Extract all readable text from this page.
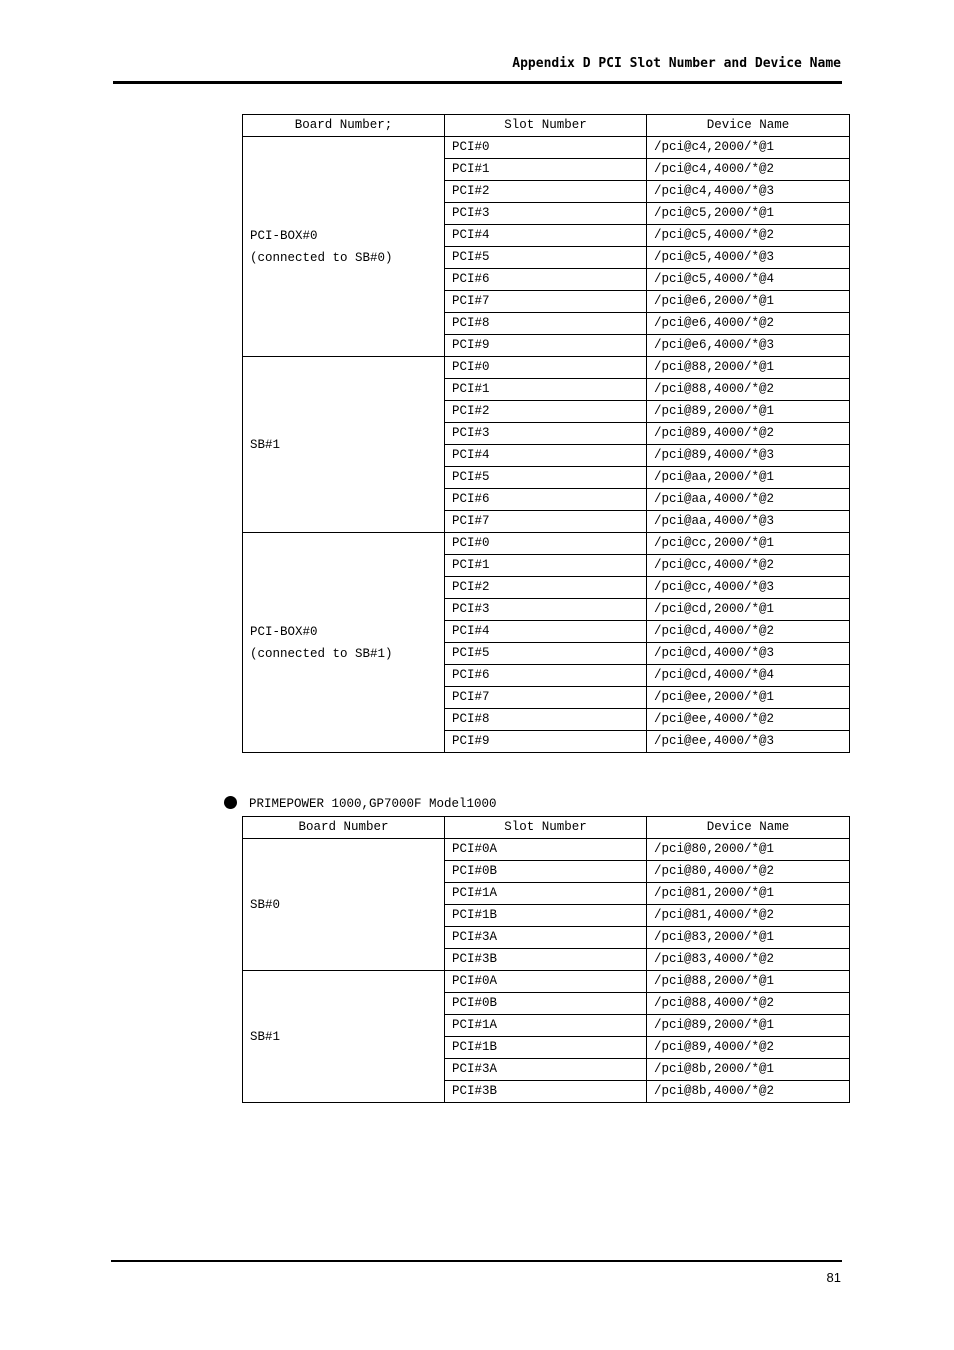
Appendix D PCI Slot Number and Device Name
Board Number;	Slot Number	Device Name
PCI-BOX#0
(connected to SB#0)	PCI#0	/pci@c4,2000/*@1
	PCI#1	/pci@c4,4000/*@2
	PCI#2	/pci@c4,4000/*@3
	PCI#3	/pci@c5,2000/*@1
	PCI#4	/pci@c5,4000/*@2
	PCI#5	/pci@c5,4000/*@3
	PCI#6	/pci@c5,4000/*@4
	PCI#7	/pci@e6,2000/*@1
	PCI#8	/pci@e6,4000/*@2
	PCI#9	/pci@e6,4000/*@3
SB#1	PCI#0	/pci@88,2000/*@1
	PCI#1	/pci@88,4000/*@2
	PCI#2	/pci@89,2000/*@1
	PCI#3	/pci@89,4000/*@2
	PCI#4	/pci@89,4000/*@3
	PCI#5	/pci@aa,2000/*@1
	PCI#6	/pci@aa,4000/*@2
	PCI#7	/pci@aa,4000/*@3
PCI-BOX#0
(connected to SB#1)	PCI#0	/pci@cc,2000/*@1
	PCI#1	/pci@cc,4000/*@2
	PCI#2	/pci@cc,4000/*@3
	PCI#3	/pci@cd,2000/*@1
	PCI#4	/pci@cd,4000/*@2
	PCI#5	/pci@cd,4000/*@3
	PCI#6	/pci@cd,4000/*@4
	PCI#7	/pci@ee,2000/*@1
	PCI#8	/pci@ee,4000/*@2
	PCI#9	/pci@ee,4000/*@3
PRIMEPOWER 1000,GP7000F Model1000
Board Number	Slot Number	Device Name
SB#0	PCI#0A	/pci@80,2000/*@1
	PCI#0B	/pci@80,4000/*@2
	PCI#1A	/pci@81,2000/*@1
	PCI#1B	/pci@81,4000/*@2
	PCI#3A	/pci@83,2000/*@1
	PCI#3B	/pci@83,4000/*@2
SB#1	PCI#0A	/pci@88,2000/*@1
	PCI#0B	/pci@88,4000/*@2
	PCI#1A	/pci@89,2000/*@1
	PCI#1B	/pci@89,4000/*@2
	PCI#3A	/pci@8b,2000/*@1
	PCI#3B	/pci@8b,4000/*@2
81
